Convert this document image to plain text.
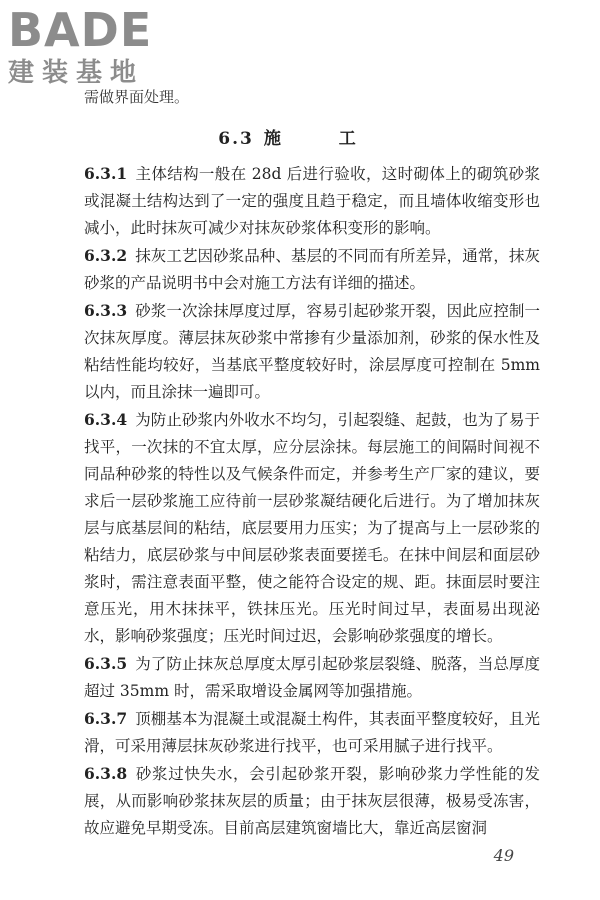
BADE
建装基地
需做界面处理。
6.3 施 工

6.3.1 主体结构一般在 28d 后进行验收，这时砌体上的砌筑砂浆或混凝土结构达到了一定的强度且趋于稳定，而且墙体收缩变形也减小，此时抹灰可减少对抹灰砂浆体积变形的影响。

6.3.2 抹灰工艺因砂浆品种、基层的不同而有所差异，通常，抹灰砂浆的产品说明书中会对施工方法有详细的描述。

6.3.3 砂浆一次涂抹厚度过厚，容易引起砂浆开裂，因此应控制一次抹灰厚度。薄层抹灰砂浆中常掺有少量添加剂，砂浆的保水性及粘结性能均较好，当基底平整度较好时，涂层厚度可控制在 5mm 以内，而且涂抹一遍即可。

6.3.4 为防止砂浆内外收水不均匀，引起裂缝、起鼓，也为了易于找平，一次抹的不宜太厚，应分层涂抹。每层施工的间隔时间视不同品种砂浆的特性以及气候条件而定，并参考生产厂家的建议，要求后一层砂浆施工应待前一层砂浆凝结硬化后进行。为了增加抹灰层与底基层间的粘结，底层要用力压实；为了提高与上一层砂浆的粘结力，底层砂浆与中间层砂浆表面要搓毛。在抹中间层和面层砂浆时，需注意表面平整，使之能符合设定的规、距。抹面层时要注意压光，用木抹抹平，铁抹压光。压光时间过早，表面易出现泌水，影响砂浆强度；压光时间过迟，会影响砂浆强度的增长。

6.3.5 为了防止抹灰总厚度太厚引起砂浆层裂缝、脱落，当总厚度超过 35mm 时，需采取增设金属网等加强措施。

6.3.7 顶棚基本为混凝土或混凝土构件，其表面平整度较好，且光滑，可采用薄层抹灰砂浆进行找平，也可采用腻子进行找平。

6.3.8 砂浆过快失水，会引起砂浆开裂，影响砂浆力学性能的发展，从而影响砂浆抹灰层的质量；由于抹灰层很薄，极易受冻害，故应避免早期受冻。目前高层建筑窗墙比大，靠近高层窗洞

49
